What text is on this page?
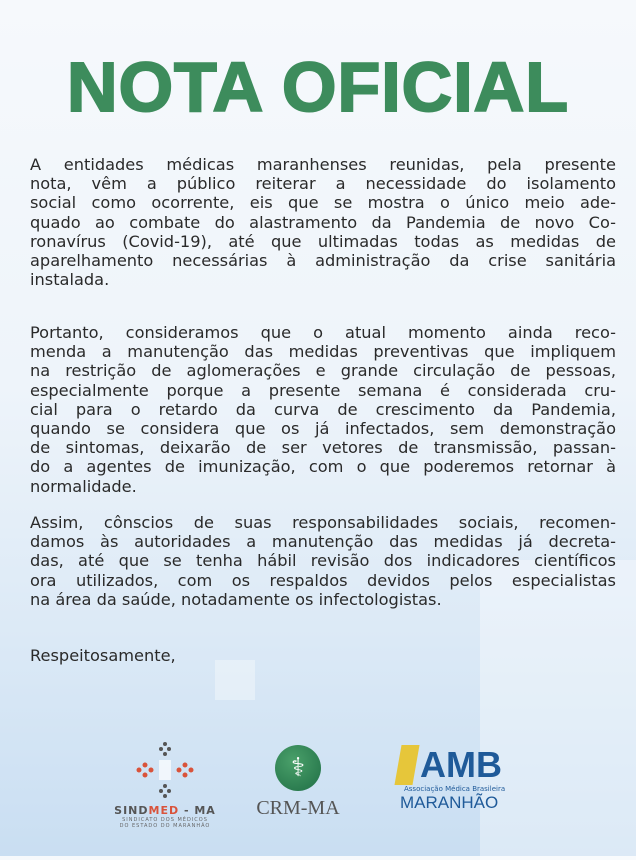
NOTA OFICIAL
A entidades médicas maranhenses reunidas, pela presente
nota, vêm a público reiterar a necessidade do isolamento
social como ocorrente, eis que se mostra o único meio ade-
quado ao combate do alastramento da Pandemia de novo Co-
ronavírus (Covid-19), até que ultimadas todas as medidas de
aparelhamento necessárias à administração da crise sanitária
instalada.
Portanto, consideramos que o atual momento ainda reco-
menda a manutenção das medidas preventivas que impliquem
na restrição de aglomerações e grande circulação de pessoas,
especialmente porque a presente semana é considerada cru-
cial para o retardo da curva de crescimento da Pandemia,
quando se considera que os já infectados, sem demonstração
de sintomas, deixarão de ser vetores de transmissão, passan-
do a agentes de imunização, com o que poderemos retornar à
normalidade.
Assim, cônscios de suas responsabilidades sociais, recomen-
damos às autoridades a manutenção das medidas já decreta-
das, até que se tenha hábil revisão dos indicadores científicos
ora utilizados, com os respaldos devidos pelos especialistas
na área da saúde, notadamente os infectologistas.
Respeitosamente,
SINDMED - MA
SINDICATO DOS MÉDICOS
DO ESTADO DO MARANHÃO
⚕
CRM-MA
AMB
Associação Médica Brasileira
MARANHÃO
